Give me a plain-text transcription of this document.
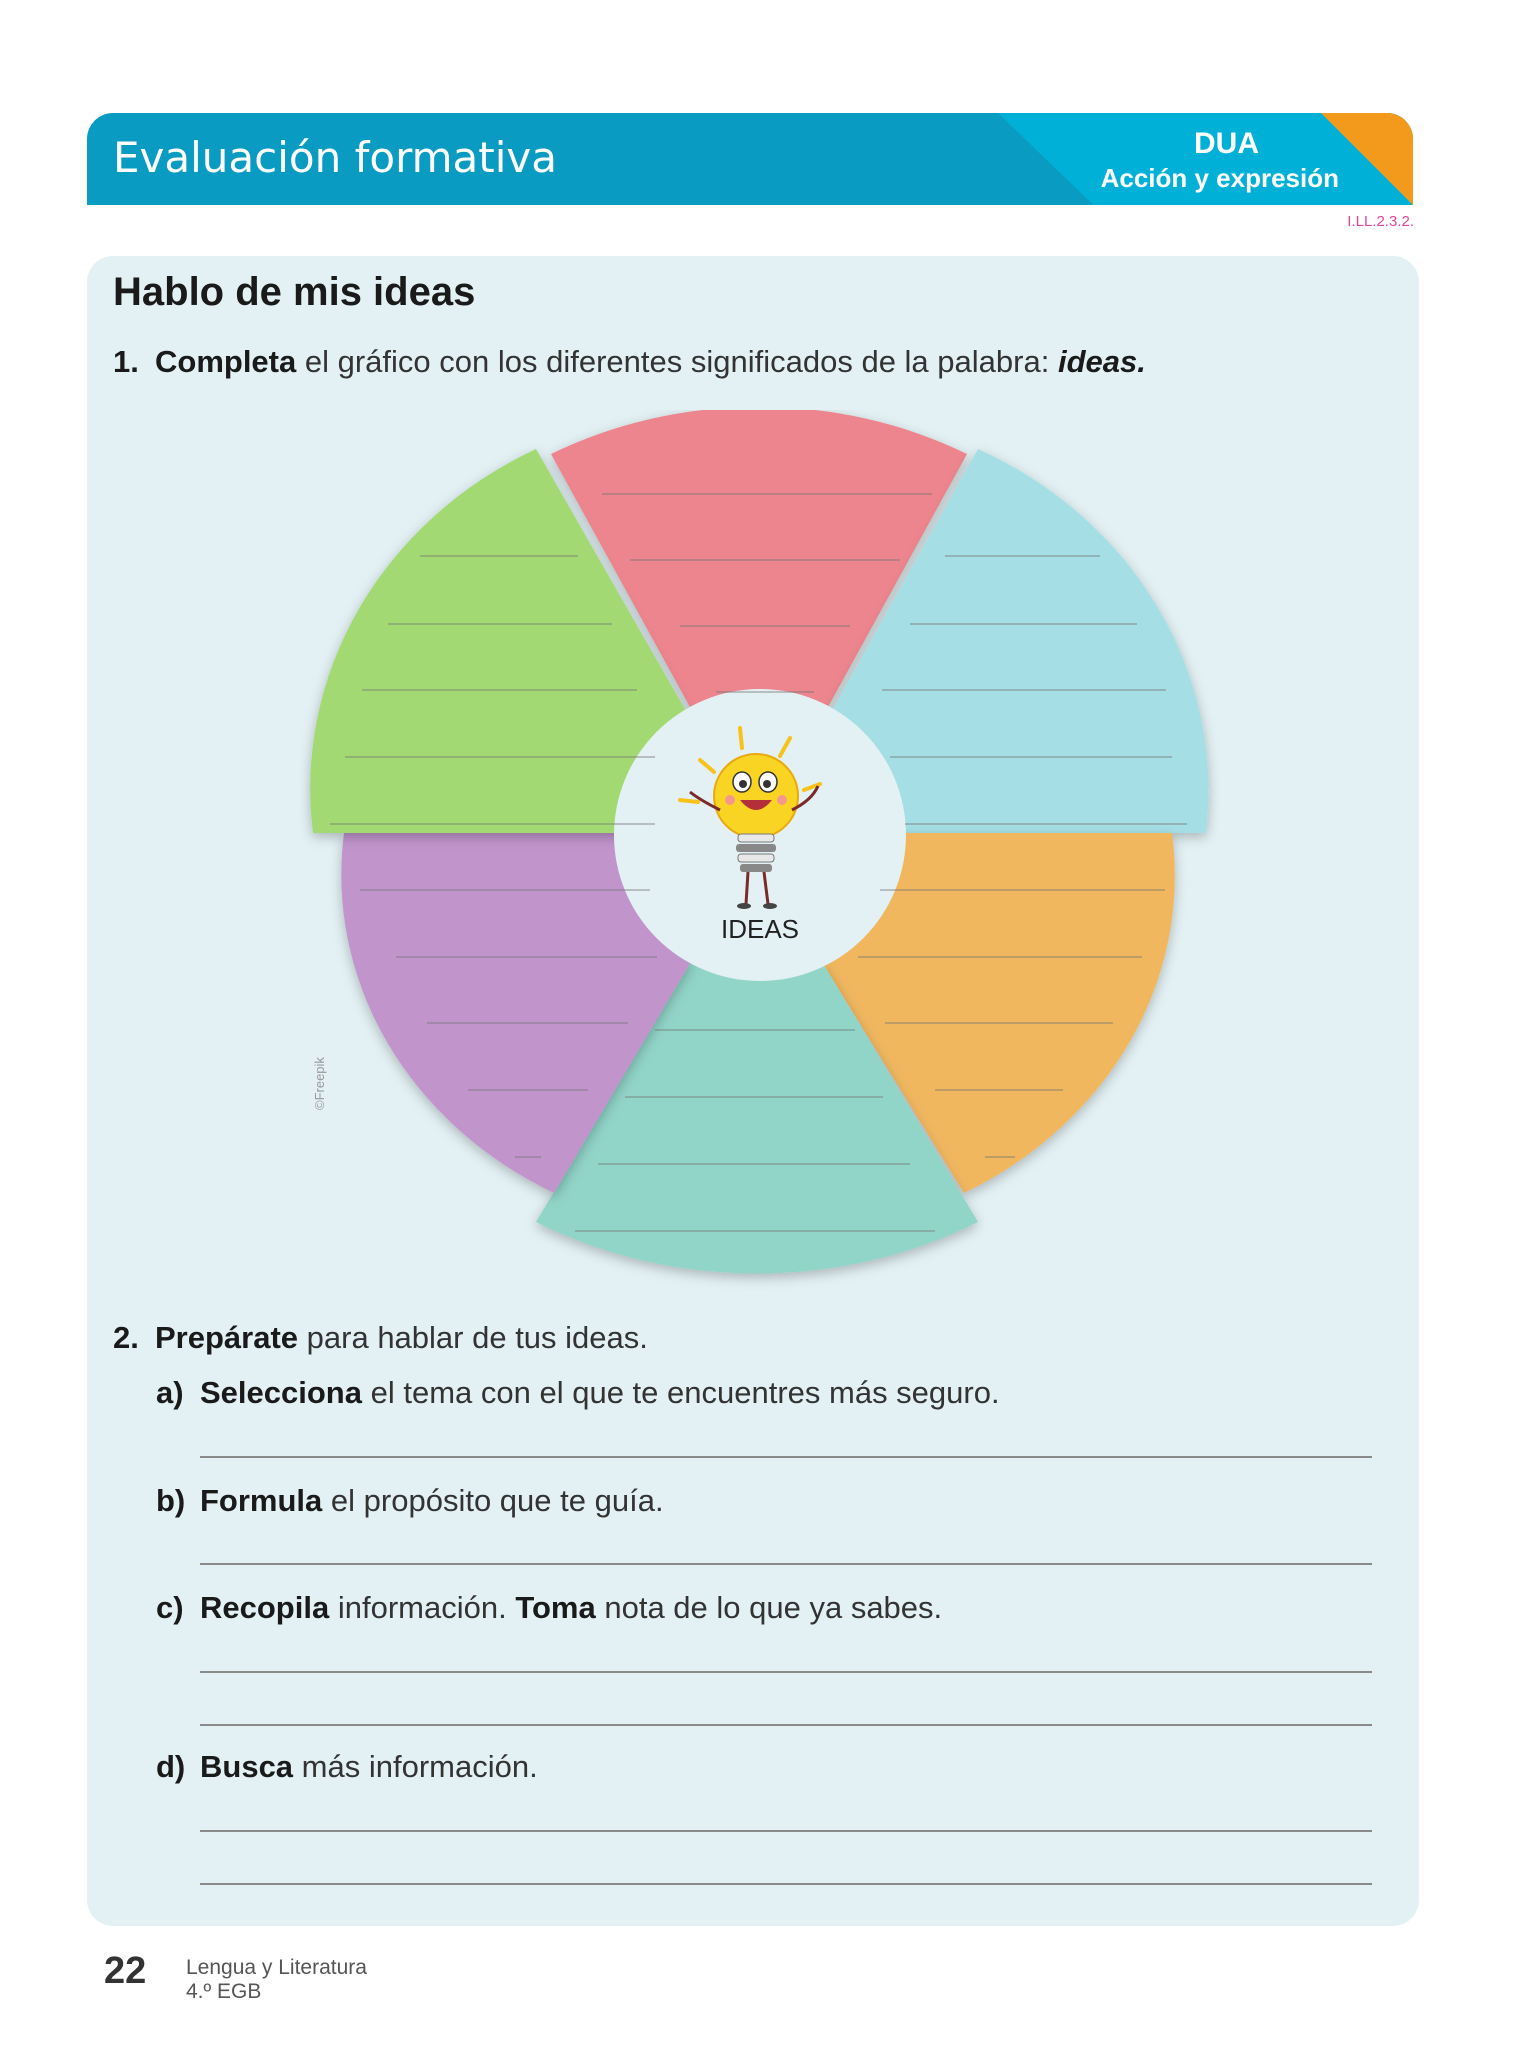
Evaluación formativa	DUA
Acción y expresión
I.LL.2.3.2.
Hablo de mis ideas
1. Completa el gráfico con los diferentes significados de la palabra: ideas.
IDEAS
©Freepik
2. Prepárate para hablar de tus ideas.
a) Selecciona el tema con el que te encuentres más seguro.
b) Formula el propósito que te guía.
c) Recopila información. Toma nota de lo que ya sabes.
d) Busca más información.
22 Lengua y Literatura
4.º EGB
